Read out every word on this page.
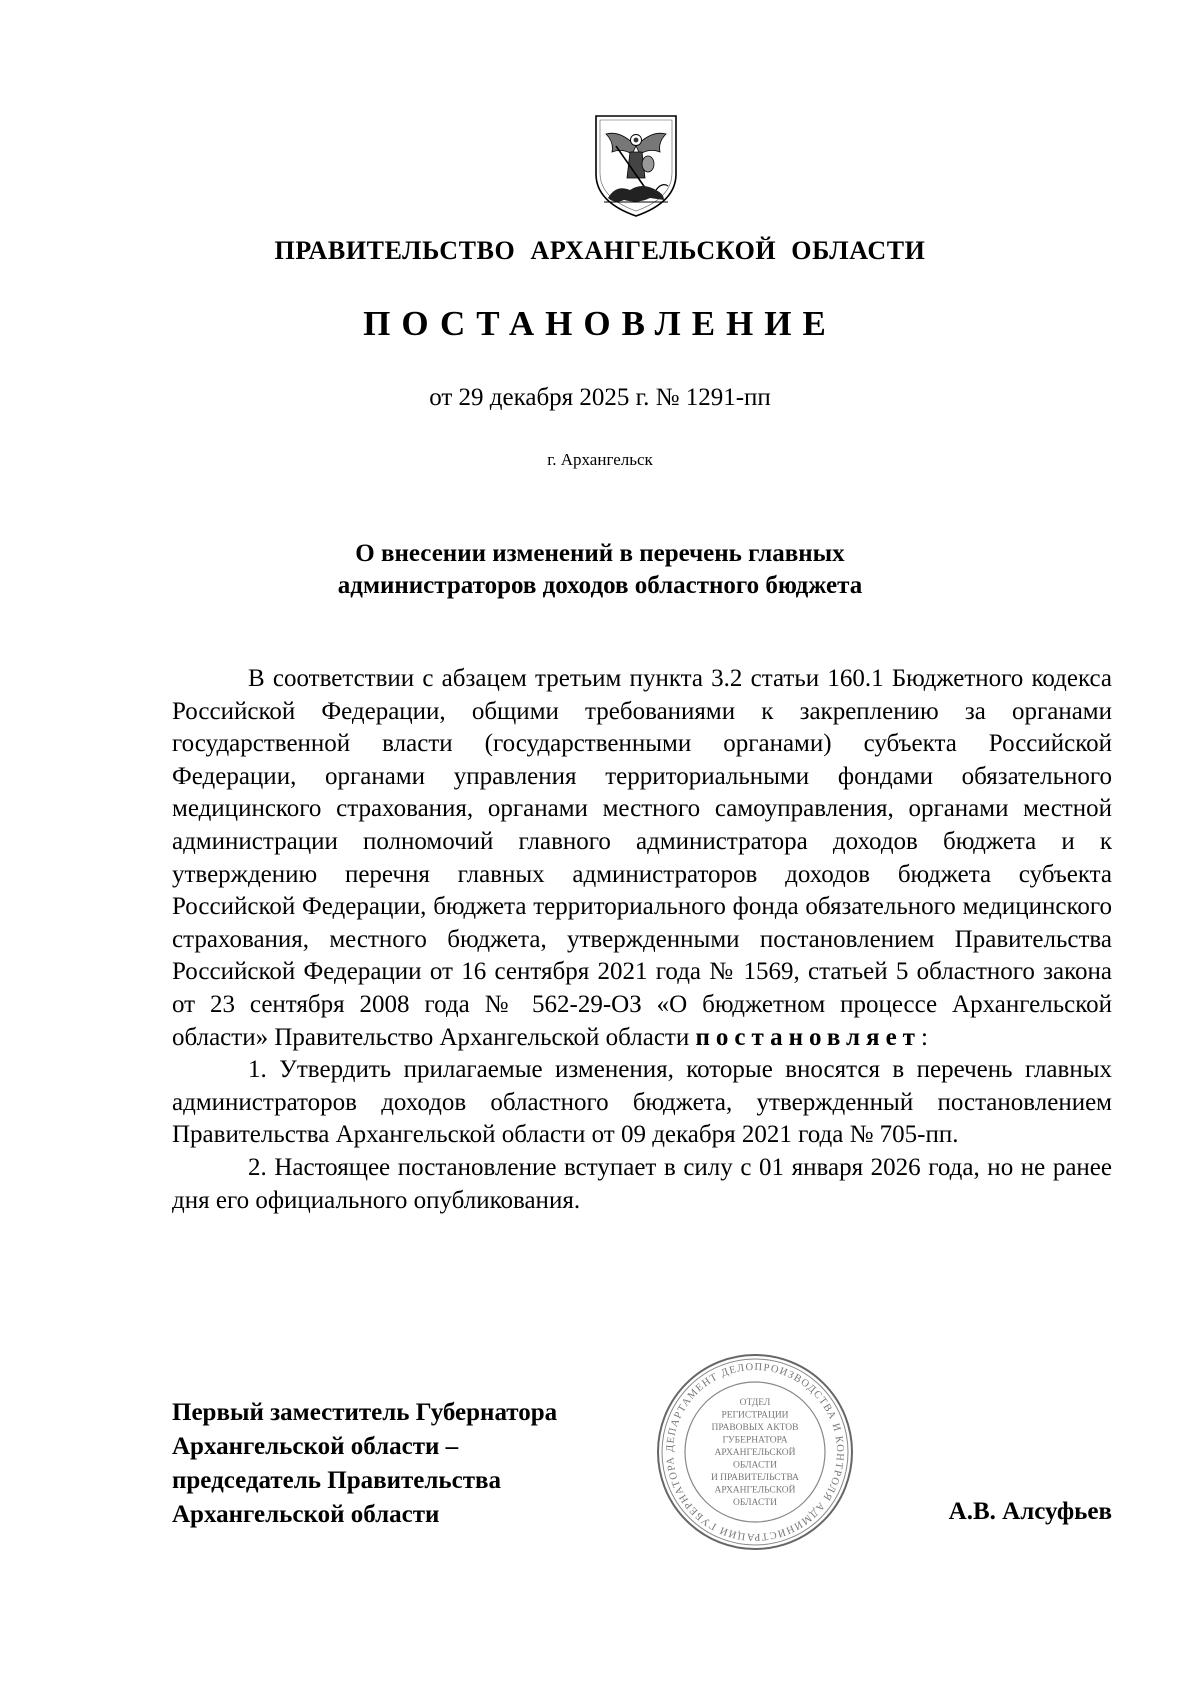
ПРАВИТЕЛЬСТВО АРХАНГЕЛЬСКОЙ ОБЛАСТИ
ПОСТАНОВЛЕНИЕ
от 29 декабря 2025 г. № 1291-пп
г. Архангельск
О внесении изменений в перечень главных
администраторов доходов областного бюджета

В соответствии с абзацем третьим пункта 3.2 статьи 160.1 Бюджетного кодекса Российской Федерации, общими требованиями к закреплению за органами государственной власти (государственными органами) субъекта Российской Федерации, органами управления территориальными фондами обязательного медицинского страхования, органами местного самоуправления, органами местной администрации полномочий главного администратора доходов бюджета и к утверждению перечня главных администраторов доходов бюджета субъекта Российской Федерации, бюджета территориального фонда обязательного медицинского страхования, местного бюджета, утвержденными постановлением Правительства Российской Федерации от 16 сентября 2021 года № 1569, статьей 5 областного закона от 23 сентября 2008 года № 562-29-ОЗ «О бюджетном процессе Архангельской области» Правительство Архангельской области постановляет:

1. Утвердить прилагаемые изменения, которые вносятся в перечень главных администраторов доходов областного бюджета, утвержденный постановлением Правительства Архангельской области от 09 декабря 2021 года № 705-пп.

2. Настоящее постановление вступает в силу с 01 января 2026 года, но не ранее дня его официального опубликования.

Первый заместитель Губернатора
Архангельской области –
председатель Правительства
Архангельской области
ДЕПАРТАМЕНТ ДЕЛОПРОИЗВОДСТВА И КОНТРОЛЯ АДМИНИСТРАЦИИ ГУБЕРНАТОРА
ОТДЕЛ
РЕГИСТРАЦИИ
ПРАВОВЫХ АКТОВ
ГУБЕРНАТОРА
АРХАНГЕЛЬСКОЙ
ОБЛАСТИ
И ПРАВИТЕЛЬСТВА
АРХАНГЕЛЬСКОЙ
ОБЛАСТИ	А.В. Алсуфьев
